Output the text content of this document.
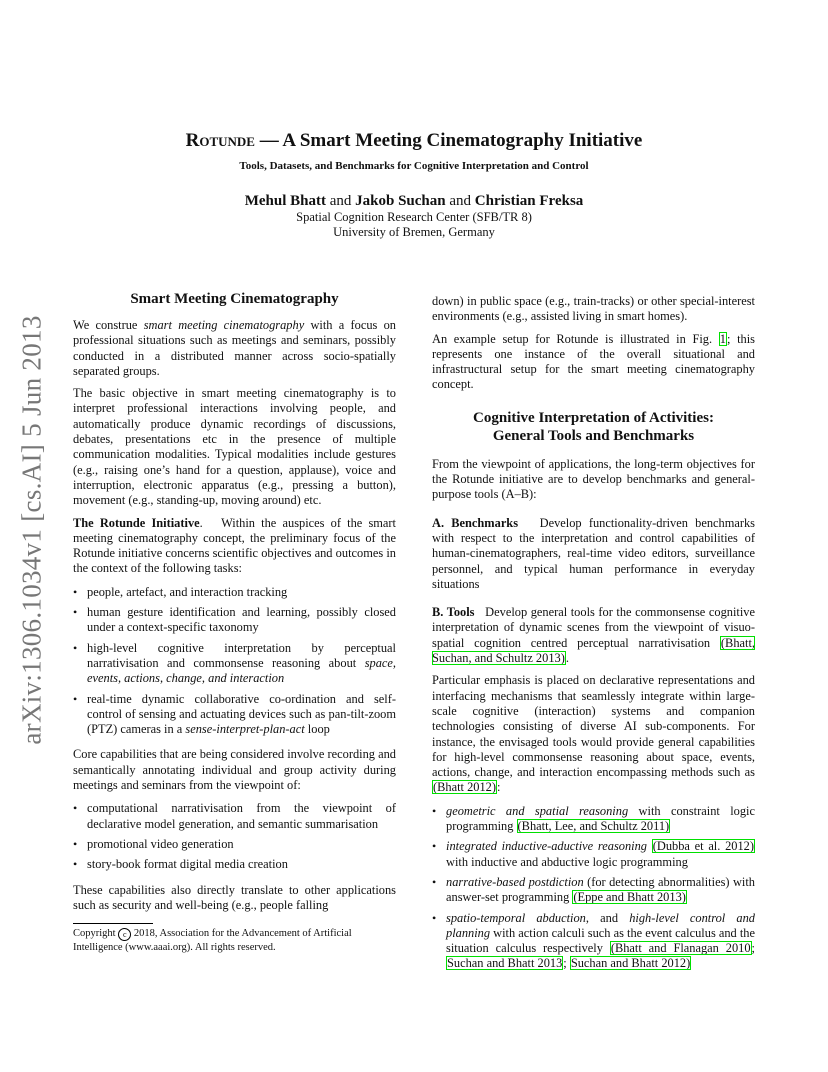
arXiv:1306.1034v1 [cs.AI] 5 Jun 2013
Rotunde — A Smart Meeting Cinematography Initiative
Tools, Datasets, and Benchmarks for Cognitive Interpretation and Control
Mehul Bhatt and Jakob Suchan and Christian Freksa
Spatial Cognition Research Center (SFB/TR 8)
University of Bremen, Germany
Smart Meeting Cinematography

We construe smart meeting cinematography with a focus on professional situations such as meetings and seminars, possibly conducted in a distributed manner across socio-spatially separated groups.

The basic objective in smart meeting cinematography is to interpret professional interactions involving people, and automatically produce dynamic recordings of discussions, debates, presentations etc in the presence of multiple communication modalities. Typical modalities include gestures (e.g., raising one’s hand for a question, applause), voice and interruption, electronic apparatus (e.g., pressing a button), movement (e.g., standing-up, moving around) etc.

The Rotunde Initiative.   Within the auspices of the smart meeting cinematography concept, the preliminary focus of the Rotunde initiative concerns scientific objectives and outcomes in the context of the following tasks:

• people, artefact, and interaction tracking
• human gesture identification and learning, possibly closed under a context-specific taxonomy
• high-level cognitive interpretation by perceptual narrativisation and commonsense reasoning about space, events, actions, change, and interaction
• real-time dynamic collaborative co-ordination and self-control of sensing and actuating devices such as pan-tilt-zoom (PTZ) cameras in a sense-interpret-plan-act loop

Core capabilities that are being considered involve recording and semantically annotating individual and group activity during meetings and seminars from the viewpoint of:

• computational narrativisation from the viewpoint of declarative model generation, and semantic summarisation
• promotional video generation
• story-book format digital media creation

These capabilities also directly translate to other applications such as security and well-being (e.g., people falling

Copyright c 2018, Association for the Advancement of Artificial Intelligence (www.aaai.org). All rights reserved.

down) in public space (e.g., train-tracks) or other special-interest environments (e.g., assisted living in smart homes).

An example setup for Rotunde is illustrated in Fig. 1; this represents one instance of the overall situational and infrastructural setup for the smart meeting cinematography concept.

Cognitive Interpretation of Activities:
General Tools and Benchmarks

From the viewpoint of applications, the long-term objectives for the Rotunde initiative are to develop benchmarks and general-purpose tools (A–B):

A. Benchmarks   Develop functionality-driven benchmarks with respect to the interpretation and control capabilities of human-cinematographers, real-time video editors, surveillance personnel, and typical human performance in everyday situations

B. Tools   Develop general tools for the commonsense cognitive interpretation of dynamic scenes from the viewpoint of visuo-spatial cognition centred perceptual narrativisation (Bhatt, Suchan, and Schultz 2013).

Particular emphasis is placed on declarative representations and interfacing mechanisms that seamlessly integrate within large-scale cognitive (interaction) systems and companion technologies consisting of diverse AI sub-components. For instance, the envisaged tools would provide general capabilities for high-level commonsense reasoning about space, events, actions, change, and interaction encompassing methods such as (Bhatt 2012):

• geometric and spatial reasoning with constraint logic programming (Bhatt, Lee, and Schultz 2011)
• integrated inductive-aductive reasoning (Dubba et al. 2012) with inductive and abductive logic programming
• narrative-based postdiction (for detecting abnormalities) with answer-set programming (Eppe and Bhatt 2013)
• spatio-temporal abduction, and high-level control and planning with action calculi such as the event calculus and the situation calculus respectively (Bhatt and Flanagan 2010; Suchan and Bhatt 2013; Suchan and Bhatt 2012)
